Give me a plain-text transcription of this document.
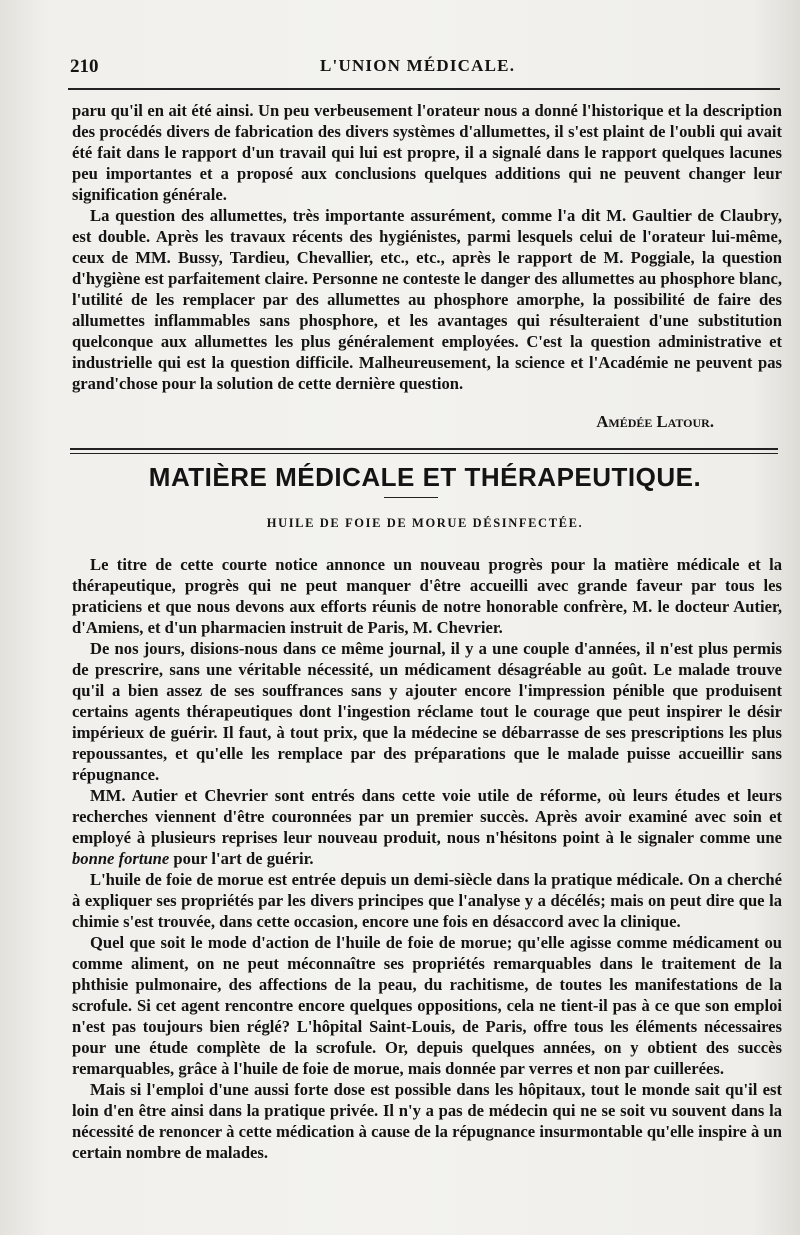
210	L'UNION MÉDICALE.

paru qu'il en ait été ainsi. Un peu verbeusement l'orateur nous a donné l'historique et la description des procédés divers de fabrication des divers systèmes d'allumettes, il s'est plaint de l'oubli qui avait été fait dans le rapport d'un travail qui lui est propre, il a signalé dans le rapport quelques lacunes peu importantes et a proposé aux conclusions quelques additions qui ne peuvent changer leur signification générale.

La question des allumettes, très importante assurément, comme l'a dit M. Gaultier de Claubry, est double. Après les travaux récents des hygiénistes, parmi lesquels celui de l'orateur lui-même, ceux de MM. Bussy, Tardieu, Chevallier, etc., etc., après le rapport de M. Poggiale, la question d'hygiène est parfaitement claire. Personne ne conteste le danger des allumettes au phosphore blanc, l'utilité de les remplacer par des allumettes au phosphore amorphe, la possibilité de faire des allumettes inflammables sans phosphore, et les avantages qui résulteraient d'une substitution quelconque aux allumettes les plus généralement employées. C'est la question administrative et industrielle qui est la question difficile. Malheureusement, la science et l'Académie ne peuvent pas grand'chose pour la solution de cette dernière question.

Amédée Latour.
MATIÈRE MÉDICALE ET THÉRAPEUTIQUE.
HUILE DE FOIE DE MORUE DÉSINFECTÉE.

Le titre de cette courte notice annonce un nouveau progrès pour la matière médicale et la thérapeutique, progrès qui ne peut manquer d'être accueilli avec grande faveur par tous les praticiens et que nous devons aux efforts réunis de notre honorable confrère, M. le docteur Autier, d'Amiens, et d'un pharmacien instruit de Paris, M. Chevrier.

De nos jours, disions-nous dans ce même journal, il y a une couple d'années, il n'est plus permis de prescrire, sans une véritable nécessité, un médicament désagréable au goût. Le malade trouve qu'il a bien assez de ses souffrances sans y ajouter encore l'impression pénible que produisent certains agents thérapeutiques dont l'ingestion réclame tout le courage que peut inspirer le désir impérieux de guérir. Il faut, à tout prix, que la médecine se débarrasse de ses prescriptions les plus repoussantes, et qu'elle les remplace par des préparations que le malade puisse accueillir sans répugnance.

MM. Autier et Chevrier sont entrés dans cette voie utile de réforme, où leurs études et leurs recherches viennent d'être couronnées par un premier succès. Après avoir examiné avec soin et employé à plusieurs reprises leur nouveau produit, nous n'hésitons point à le signaler comme une bonne fortune pour l'art de guérir.

L'huile de foie de morue est entrée depuis un demi-siècle dans la pratique médicale. On a cherché à expliquer ses propriétés par les divers principes que l'analyse y a décélés; mais on peut dire que la chimie s'est trouvée, dans cette occasion, encore une fois en désaccord avec la clinique.

Quel que soit le mode d'action de l'huile de foie de morue; qu'elle agisse comme médicament ou comme aliment, on ne peut méconnaître ses propriétés remarquables dans le traitement de la phthisie pulmonaire, des affections de la peau, du rachitisme, de toutes les manifestations de la scrofule. Si cet agent rencontre encore quelques oppositions, cela ne tient-il pas à ce que son emploi n'est pas toujours bien réglé? L'hôpital Saint-Louis, de Paris, offre tous les éléments nécessaires pour une étude complète de la scrofule. Or, depuis quelques années, on y obtient des succès remarquables, grâce à l'huile de foie de morue, mais donnée par verres et non par cuillerées.

Mais si l'emploi d'une aussi forte dose est possible dans les hôpitaux, tout le monde sait qu'il est loin d'en être ainsi dans la pratique privée. Il n'y a pas de médecin qui ne se soit vu souvent dans la nécessité de renoncer à cette médication à cause de la répugnance insurmontable qu'elle inspire à un certain nombre de malades.
